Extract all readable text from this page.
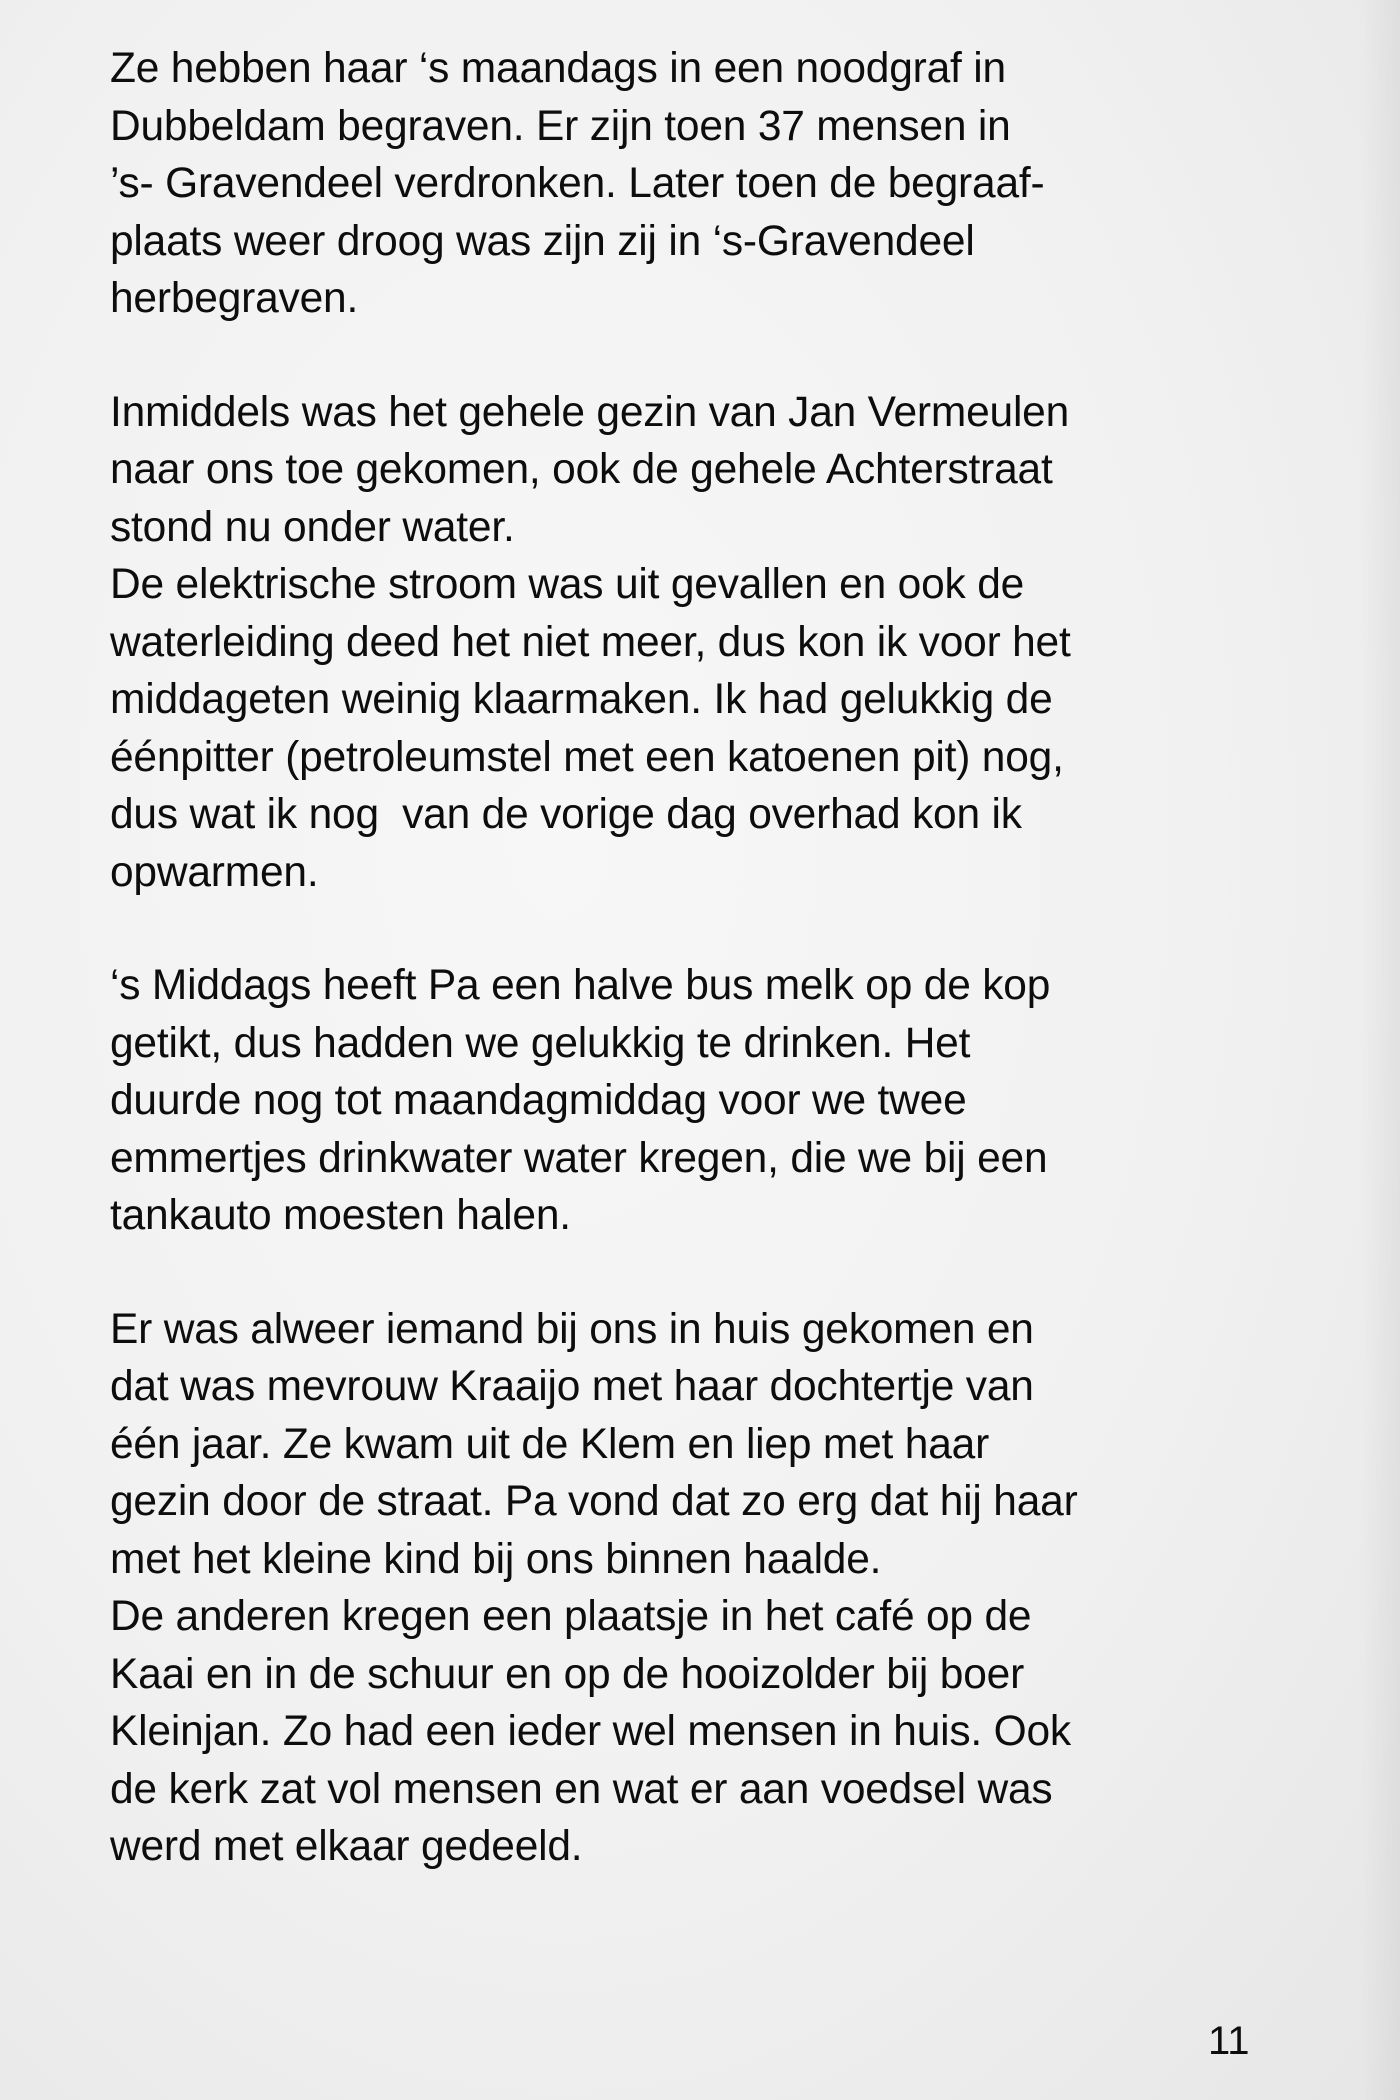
Ze hebben haar ‘s maandags in een noodgraf in
Dubbeldam begraven. Er zijn toen 37 mensen in
’s- Gravendeel verdronken. Later toen de begraaf-
plaats weer droog was zijn zij in ‘s-Gravendeel
herbegraven.
Inmiddels was het gehele gezin van Jan Vermeulen
naar ons toe gekomen, ook de gehele Achterstraat
stond nu onder water.
De elektrische stroom was uit gevallen en ook de
waterleiding deed het niet meer, dus kon ik voor het
middageten weinig klaarmaken. Ik had gelukkig de
éénpitter (petroleumstel met een katoenen pit) nog,
dus wat ik nog  van de vorige dag overhad kon ik
opwarmen.
‘s Middags heeft Pa een halve bus melk op de kop
getikt, dus hadden we gelukkig te drinken. Het
duurde nog tot maandagmiddag voor we twee
emmertjes drinkwater water kregen, die we bij een
tankauto moesten halen.
Er was alweer iemand bij ons in huis gekomen en
dat was mevrouw Kraaijo met haar dochtertje van
één jaar. Ze kwam uit de Klem en liep met haar
gezin door de straat. Pa vond dat zo erg dat hij haar
met het kleine kind bij ons binnen haalde.
De anderen kregen een plaatsje in het café op de
Kaai en in de schuur en op de hooizolder bij boer
Kleinjan. Zo had een ieder wel mensen in huis. Ook
de kerk zat vol mensen en wat er aan voedsel was
werd met elkaar gedeeld.
11
